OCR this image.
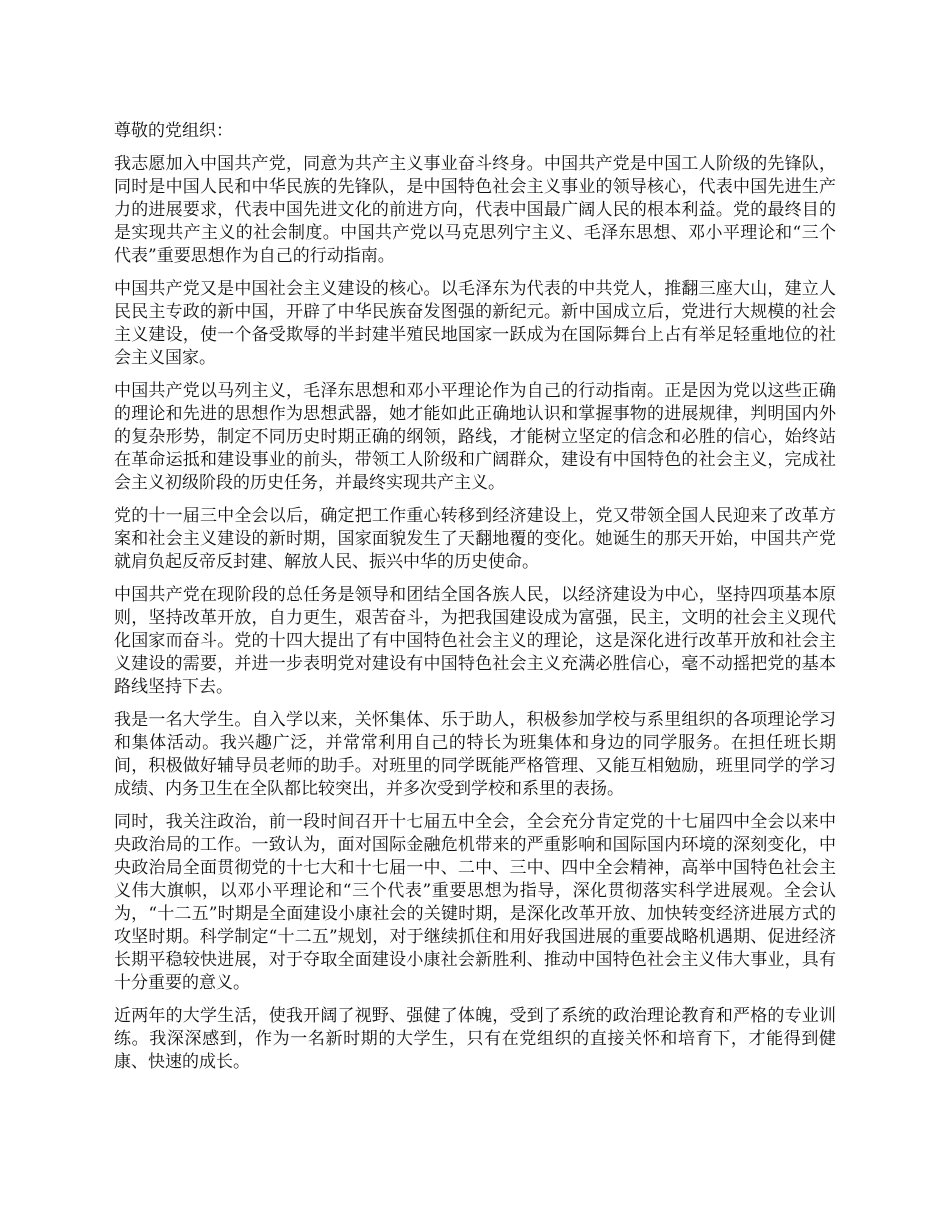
尊敬的党组织：

我志愿加入中国共产党，同意为共产主义事业奋斗终身。中国共产党是中国工人阶级的先锋队，同时是中国人民和中华民族的先锋队，是中国特色社会主义事业的领导核心，代表中国先进生产力的进展要求，代表中国先进文化的前进方向，代表中国最广阔人民的根本利益。党的最终目的是实现共产主义的社会制度。中国共产党以马克思列宁主义、毛泽东思想、邓小平理论和“三个代表”重要思想作为自己的行动指南。

中国共产党又是中国社会主义建设的核心。以毛泽东为代表的中共党人，推翻三座大山，建立人民民主专政的新中国，开辟了中华民族奋发图强的新纪元。新中国成立后，党进行大规模的社会主义建设，使一个备受欺辱的半封建半殖民地国家一跃成为在国际舞台上占有举足轻重地位的社会主义国家。

中国共产党以马列主义，毛泽东思想和邓小平理论作为自己的行动指南。正是因为党以这些正确的理论和先进的思想作为思想武器，她才能如此正确地认识和掌握事物的进展规律，判明国内外的复杂形势，制定不同历史时期正确的纲领，路线，才能树立坚定的信念和必胜的信心，始终站在革命运抵和建设事业的前头，带领工人阶级和广阔群众，建设有中国特色的社会主义，完成社会主义初级阶段的历史任务，并最终实现共产主义。

党的十一届三中全会以后，确定把工作重心转移到经济建设上，党又带领全国人民迎来了改革方案和社会主义建设的新时期，国家面貌发生了天翻地覆的变化。她诞生的那天开始，中国共产党就肩负起反帝反封建、解放人民、振兴中华的历史使命。

中国共产党在现阶段的总任务是领导和团结全国各族人民，以经济建设为中心，坚持四项基本原则，坚持改革开放，自力更生，艰苦奋斗，为把我国建设成为富强，民主，文明的社会主义现代化国家而奋斗。党的十四大提出了有中国特色社会主义的理论，这是深化进行改革开放和社会主义建设的需要，并进一步表明党对建设有中国特色社会主义充满必胜信心，毫不动摇把党的基本路线坚持下去。

我是一名大学生。自入学以来，关怀集体、乐于助人，积极参加学校与系里组织的各项理论学习和集体活动。我兴趣广泛，并常常利用自己的特长为班集体和身边的同学服务。在担任班长期间，积极做好辅导员老师的助手。对班里的同学既能严格管理、又能互相勉励，班里同学的学习成绩、内务卫生在全队都比较突出，并多次受到学校和系里的表扬。

同时，我关注政治，前一段时间召开十七届五中全会，全会充分肯定党的十七届四中全会以来中央政治局的工作。一致认为，面对国际金融危机带来的严重影响和国际国内环境的深刻变化，中央政治局全面贯彻党的十七大和十七届一中、二中、三中、四中全会精神，高举中国特色社会主义伟大旗帜，以邓小平理论和“三个代表”重要思想为指导，深化贯彻落实科学进展观。全会认为，“十二五”时期是全面建设小康社会的关键时期，是深化改革开放、加快转变经济进展方式的攻坚时期。科学制定“十二五”规划，对于继续抓住和用好我国进展的重要战略机遇期、促进经济长期平稳较快进展，对于夺取全面建设小康社会新胜利、推动中国特色社会主义伟大事业，具有十分重要的意义。

近两年的大学生活，使我开阔了视野、强健了体魄，受到了系统的政治理论教育和严格的专业训练。我深深感到，作为一名新时期的大学生，只有在党组织的直接关怀和培育下，才能得到健康、快速的成长。
